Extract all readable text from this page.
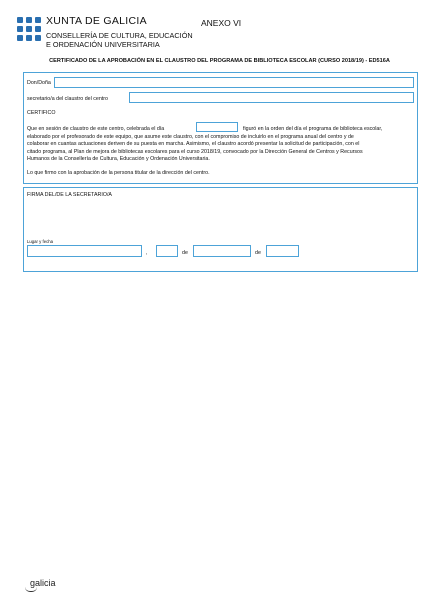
XUNTA DE GALICIA
CONSELLERÍA DE CULTURA, EDUCACIÓN
E ORDENACIÓN UNIVERSITARIA
ANEXO VI
CERTIFICADO DE LA APROBACIÓN EN EL CLAUSTRO DEL PROGRAMA DE BIBLIOTECA ESCOLAR (CURSO 2018/19) - ED516A
Don/Doña
secretario/a del claustro del centro
CERTIFICO
Que en sesión de claustro de este centro, celebrada el día	figuró en la orden del día el programa de biblioteca escolar,
elaborado por el profesorado de este equipo, que asume este claustro, con el compromiso de incluirlo en el programa anual del centro y de
colaborar en cuantas actuaciones deriven de su puesta en marcha. Asimismo, el claustro acordó presentar la solicitud de participación, con el
citado programa, al Plan de mejora de bibliotecas escolares para el curso 2018/19, convocado por la Dirección General de Centros y Recursos
Humanos de la Consellería de Cultura, Educación y Ordenación Universitaria.
Lo que firmo con la aprobación de la persona titular de la dirección del centro.
FIRMA DEL/DE LA SECRETARIO/A
Lugar y fecha
,	de	de
galicia
